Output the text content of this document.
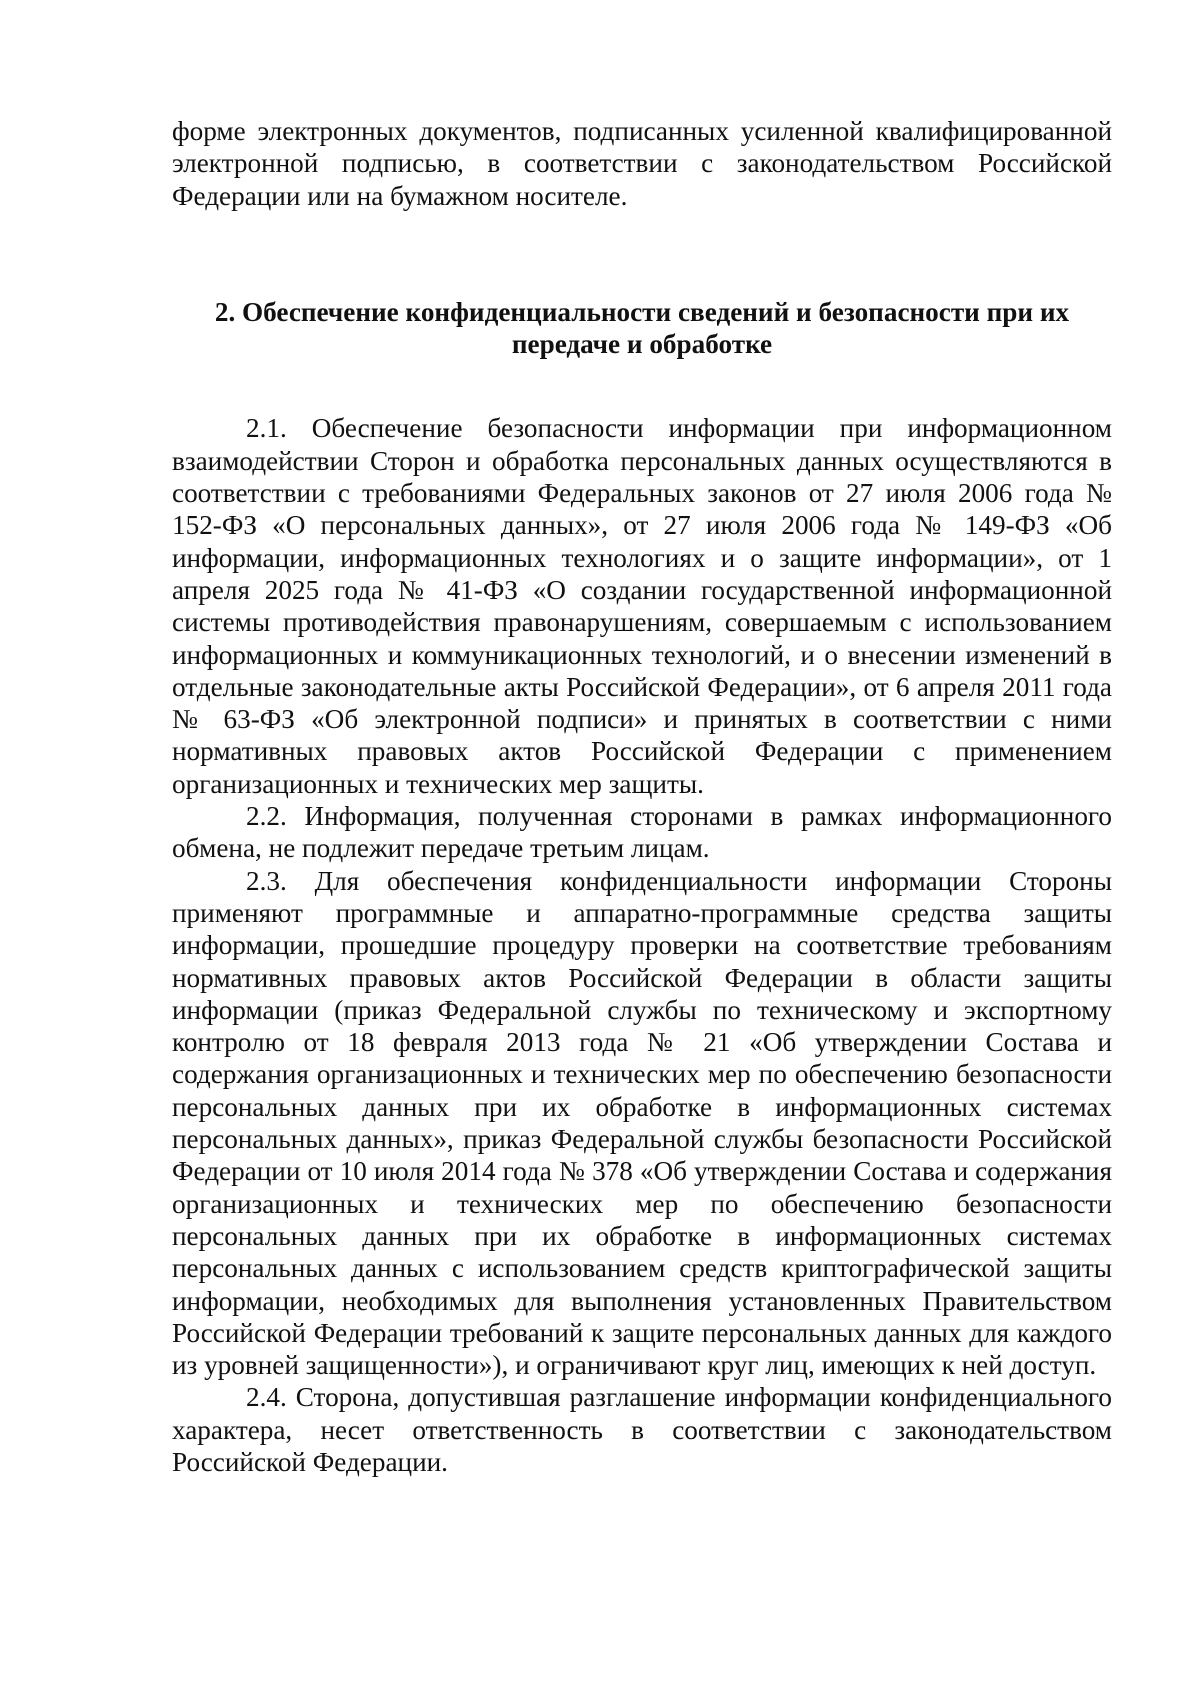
форме электронных документов, подписанных усиленной квалифицированной электронной подписью, в соответствии с законодательством Российской Федерации или на бумажном носителе.

2. Обеспечение конфиденциальности сведений и безопасности при их передаче и обработке

2.1. Обеспечение безопасности информации при информационном взаимодействии Сторон и обработка персональных данных осуществляются в соответствии с требованиями Федеральных законов от 27 июля 2006 года № 152-ФЗ «О персональных данных», от 27 июля 2006 года № 149-ФЗ «Об информации, информационных технологиях и о защите информации», от 1 апреля 2025 года № 41-ФЗ «О создании государственной информационной системы противодействия правонарушениям, совершаемым с использованием информационных и коммуникационных технологий, и о внесении изменений в отдельные законодательные акты Российской Федерации», от 6 апреля 2011 года № 63-ФЗ «Об электронной подписи» и принятых в соответствии с ними нормативных правовых актов Российской Федерации с применением организационных и технических мер защиты.

2.2. Информация, полученная сторонами в рамках информационного обмена, не подлежит передаче третьим лицам.

2.3. Для обеспечения конфиденциальности информации Стороны применяют программные и аппаратно-программные средства защиты информации, прошедшие процедуру проверки на соответствие требованиям нормативных правовых актов Российской Федерации в области защиты информации (приказ Федеральной службы по техническому и экспортному контролю от 18 февраля 2013 года № 21 «Об утверждении Состава и содержания организационных и технических мер по обеспечению безопасности персональных данных при их обработке в информационных системах персональных данных», приказ Федеральной службы безопасности Российской Федерации от 10 июля 2014 года № 378 «Об утверждении Состава и содержания организационных и технических мер по обеспечению безопасности персональных данных при их обработке в информационных системах персональных данных с использованием средств криптографической защиты информации, необходимых для выполнения установленных Правительством Российской Федерации требований к защите персональных данных для каждого из уровней защищенности»), и ограничивают круг лиц, имеющих к ней доступ.

2.4. Сторона, допустившая разглашение информации конфиденциального характера, несет ответственность в соответствии с законодательством Российской Федерации.
